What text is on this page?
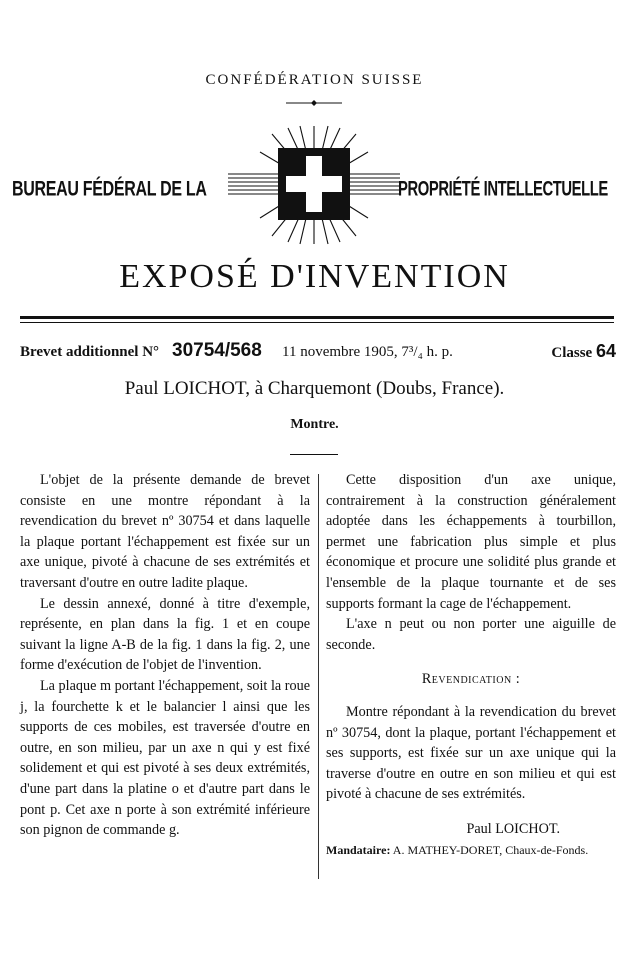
CONFÉDÉRATION SUISSE
BUREAU FÉDÉRAL DE LA	PROPRIÉTÉ INTELLECTUELLE
EXPOSÉ D'INVENTION
Brevet additionnel N° 30754/568 11 novembre 1905, 7³/₄ h. p.	Classe 64
Paul LOICHOT, à Charquemont (Doubs, France).
Montre.

L'objet de la présente demande de brevet consiste en une montre répondant à la revendication du brevet nº 30754 et dans laquelle la plaque portant l'échappement est fixée sur un axe unique, pivoté à chacune de ses extrémités et traversant d'outre en outre ladite plaque.

Le dessin annexé, donné à titre d'exemple, représente, en plan dans la fig. 1 et en coupe suivant la ligne A-B de la fig. 1 dans la fig. 2, une forme d'exécution de l'objet de l'invention.

La plaque m portant l'échappement, soit la roue j, la fourchette k et le balancier l ainsi que les supports de ces mobiles, est traversée d'outre en outre, en son milieu, par un axe n qui y est fixé solidement et qui est pivoté à ses deux extrémités, d'une part dans la platine o et d'autre part dans le pont p. Cet axe n porte à son extrémité inférieure son pignon de commande g.

Cette disposition d'un axe unique, contrairement à la construction généralement adoptée dans les échappements à tourbillon, permet une fabrication plus simple et plus économique et procure une solidité plus grande et l'ensemble de la plaque tournante et de ses supports formant la cage de l'échappement.

L'axe n peut ou non porter une aiguille de seconde.

Revendication :

Montre répondant à la revendication du brevet nº 30754, dont la plaque, portant l'échappement et ses supports, est fixée sur un axe unique qui la traverse d'outre en outre en son milieu et qui est pivoté à chacune de ses extrémités.

Paul LOICHOT.

Mandataire: A. MATHEY-DORET, Chaux-de-Fonds.
